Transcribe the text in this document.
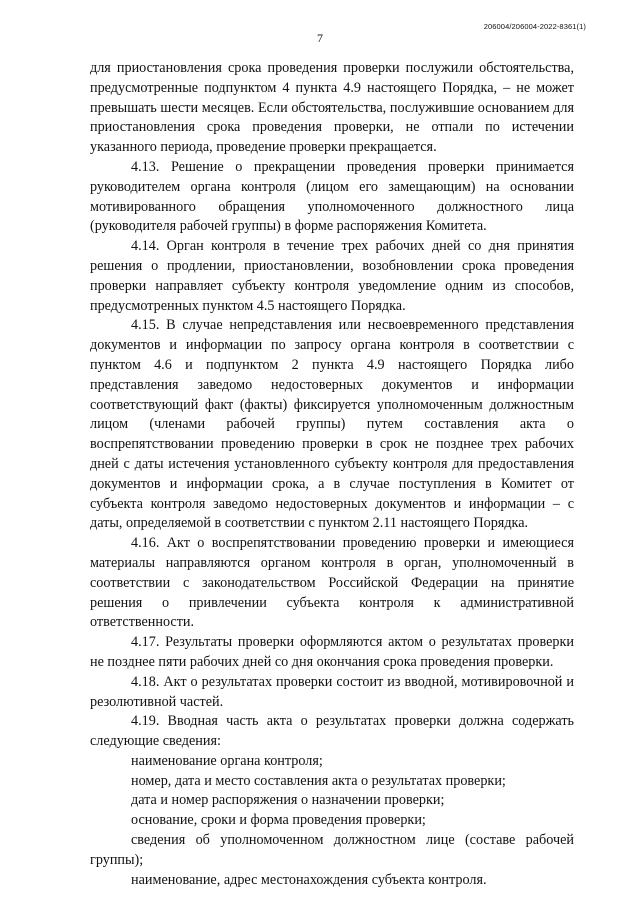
7
206004/206004-2022-8361(1)

для приостановления срока проведения проверки послужили обстоятельства, предусмотренные подпунктом 4 пункта 4.9 настоящего Порядка, – не может превышать шести месяцев. Если обстоятельства, послужившие основанием для приостановления срока проведения проверки, не отпали по истечении указанного периода, проведение проверки прекращается.

4.13. Решение о прекращении проведения проверки принимается руководителем органа контроля (лицом его замещающим) на основании мотивированного обращения уполномоченного должностного лица (руководителя рабочей группы) в форме распоряжения Комитета.

4.14. Орган контроля в течение трех рабочих дней со дня принятия решения о продлении, приостановлении, возобновлении срока проведения проверки направляет субъекту контроля уведомление одним из способов, предусмотренных пунктом 4.5 настоящего Порядка.

4.15. В случае непредставления или несвоевременного представления документов и информации по запросу органа контроля в соответствии с пунктом 4.6 и подпунктом 2 пункта 4.9 настоящего Порядка либо представления заведомо недостоверных документов и информации соответствующий факт (факты) фиксируется уполномоченным должностным лицом (членами рабочей группы) путем составления акта о воспрепятствовании проведению проверки в срок не позднее трех рабочих дней с даты истечения установленного субъекту контроля для предоставления документов и информации срока, а в случае поступления в Комитет от субъекта контроля заведомо недостоверных документов и информации – с даты, определяемой в соответствии с пунктом 2.11 настоящего Порядка.

4.16. Акт о воспрепятствовании проведению проверки и имеющиеся материалы направляются органом контроля в орган, уполномоченный в соответствии с законодательством Российской Федерации на принятие решения о привлечении субъекта контроля к административной ответственности.

4.17. Результаты проверки оформляются актом о результатах проверки не позднее пяти рабочих дней со дня окончания срока проведения проверки.

4.18. Акт о результатах проверки состоит из вводной, мотивировочной и резолютивной частей.

4.19. Вводная часть акта о результатах проверки должна содержать следующие сведения:

наименование органа контроля;

номер, дата и место составления акта о результатах проверки;

дата и номер распоряжения о назначении проверки;

основание, сроки и форма проведения проверки;

сведения об уполномоченном должностном лице (составе рабочей группы);

наименование, адрес местонахождения субъекта контроля.
